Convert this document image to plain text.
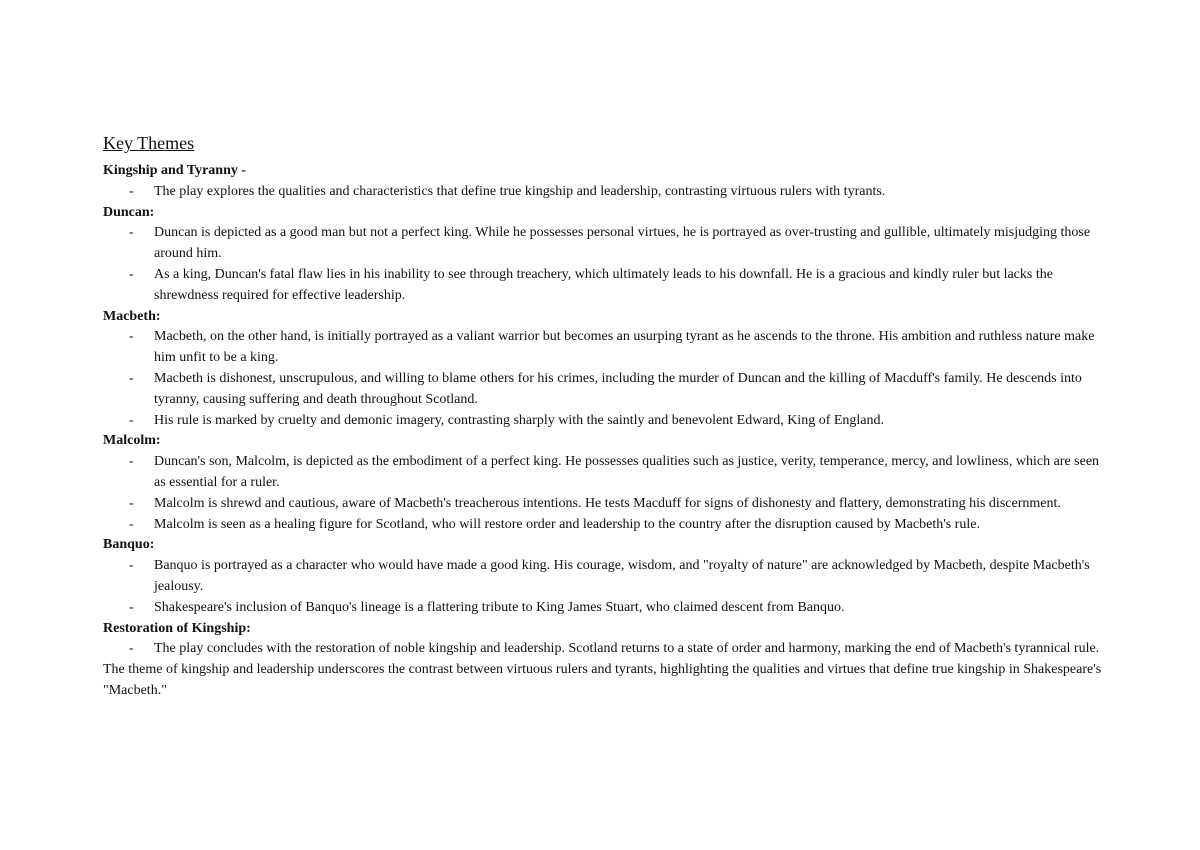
Key Themes

Kingship and Tyranny -

- The play explores the qualities and characteristics that define true kingship and leadership, contrasting virtuous rulers with tyrants.

Duncan:

- Duncan is depicted as a good man but not a perfect king. While he possesses personal virtues, he is portrayed as over-trusting and gullible, ultimately misjudging those around him.
- As a king, Duncan's fatal flaw lies in his inability to see through treachery, which ultimately leads to his downfall. He is a gracious and kindly ruler but lacks the shrewdness required for effective leadership.

Macbeth:

- Macbeth, on the other hand, is initially portrayed as a valiant warrior but becomes an usurping tyrant as he ascends to the throne. His ambition and ruthless nature make him unfit to be a king.
- Macbeth is dishonest, unscrupulous, and willing to blame others for his crimes, including the murder of Duncan and the killing of Macduff's family. He descends into tyranny, causing suffering and death throughout Scotland.
- His rule is marked by cruelty and demonic imagery, contrasting sharply with the saintly and benevolent Edward, King of England.

Malcolm:

- Duncan's son, Malcolm, is depicted as the embodiment of a perfect king. He possesses qualities such as justice, verity, temperance, mercy, and lowliness, which are seen as essential for a ruler.
- Malcolm is shrewd and cautious, aware of Macbeth's treacherous intentions. He tests Macduff for signs of dishonesty and flattery, demonstrating his discernment.
- Malcolm is seen as a healing figure for Scotland, who will restore order and leadership to the country after the disruption caused by Macbeth's rule.

Banquo:

- Banquo is portrayed as a character who would have made a good king. His courage, wisdom, and "royalty of nature" are acknowledged by Macbeth, despite Macbeth's jealousy.
- Shakespeare's inclusion of Banquo's lineage is a flattering tribute to King James Stuart, who claimed descent from Banquo.

Restoration of Kingship:

- The play concludes with the restoration of noble kingship and leadership. Scotland returns to a state of order and harmony, marking the end of Macbeth's tyrannical rule.

The theme of kingship and leadership underscores the contrast between virtuous rulers and tyrants, highlighting the qualities and virtues that define true kingship in Shakespeare's "Macbeth."
